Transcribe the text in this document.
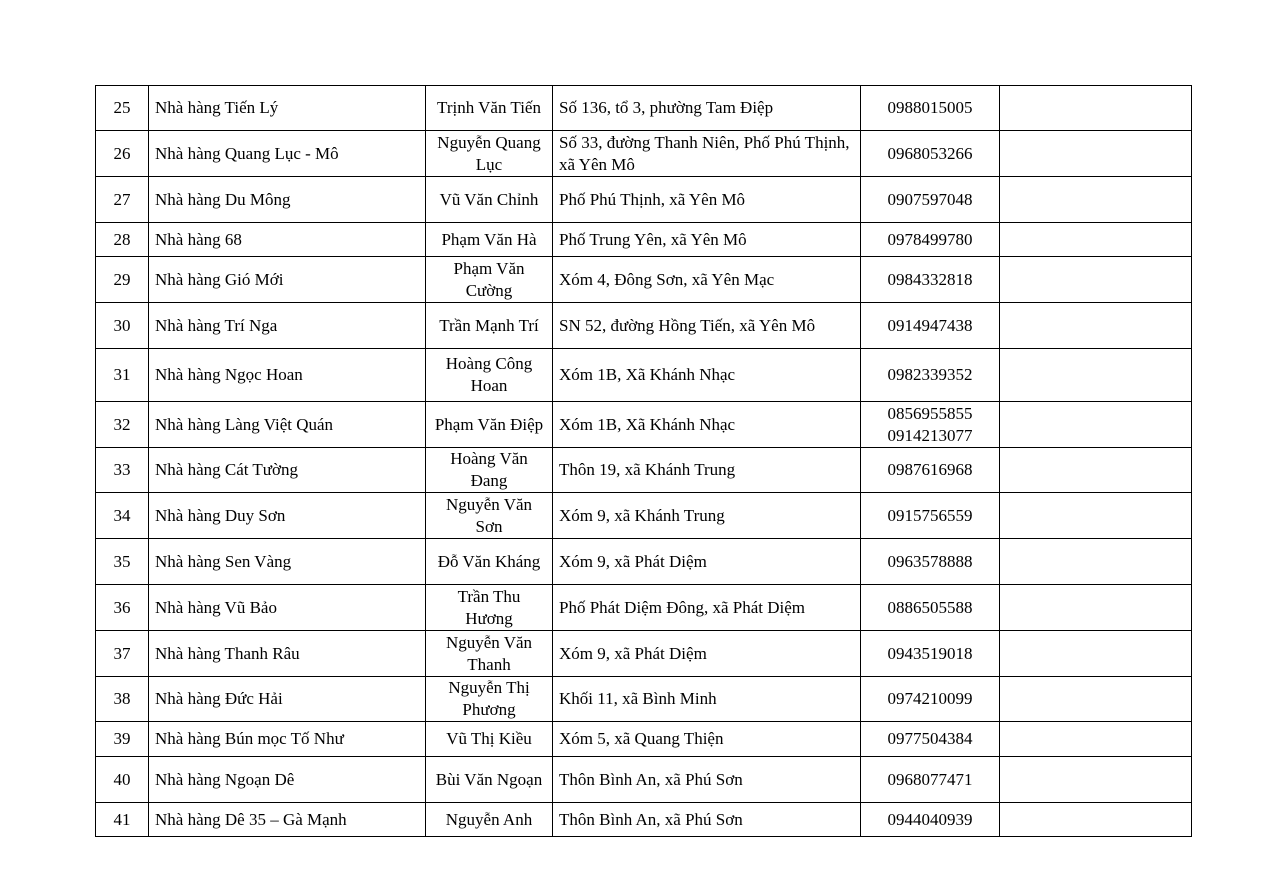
25	Nhà hàng Tiến Lý	Trịnh Văn Tiến	Số 136, tổ 3, phường Tam Điệp	0988015005	

26	Nhà hàng Quang Lục - Mô	Nguyễn Quang Lục	Số 33, đường Thanh Niên, Phố Phú Thịnh, xã Yên Mô	0968053266	

27	Nhà hàng Du Mông	Vũ Văn Chỉnh	Phố Phú Thịnh, xã Yên Mô	0907597048	

28	Nhà hàng 68	Phạm Văn Hà	Phố Trung Yên, xã Yên Mô	0978499780	

29	Nhà hàng Gió Mới	Phạm Văn Cường	Xóm 4, Đông Sơn, xã Yên Mạc	0984332818	

30	Nhà hàng Trí Nga	Trần Mạnh Trí	SN 52, đường Hồng Tiến, xã Yên Mô	0914947438	

31	Nhà hàng Ngọc Hoan	Hoàng Công Hoan	Xóm 1B, Xã Khánh Nhạc	0982339352	

32	Nhà hàng Làng Việt Quán	Phạm Văn Điệp	Xóm 1B, Xã Khánh Nhạc	0856955855
0914213077	

33	Nhà hàng Cát Tường	Hoàng Văn Đang	Thôn 19, xã Khánh Trung	0987616968	

34	Nhà hàng Duy Sơn	Nguyễn Văn Sơn	Xóm 9, xã Khánh Trung	0915756559	

35	Nhà hàng Sen Vàng	Đỗ Văn Kháng	Xóm 9, xã Phát Diệm	0963578888	

36	Nhà hàng Vũ Bảo	Trần Thu Hương	Phố Phát Diệm Đông, xã Phát Diệm	0886505588	

37	Nhà hàng Thanh Râu	Nguyễn Văn Thanh	Xóm 9, xã Phát Diệm	0943519018	

38	Nhà hàng Đức Hải	Nguyễn Thị Phương	Khối 11, xã Bình Minh	0974210099	

39	Nhà hàng Bún mọc Tố Như	Vũ Thị Kiều	Xóm 5, xã Quang Thiện	0977504384	

40	Nhà hàng Ngoạn Dê	Bùi Văn Ngoạn	Thôn Bình An, xã Phú Sơn	0968077471	

41	Nhà hàng Dê 35 – Gà Mạnh	Nguyễn Anh	Thôn Bình An, xã Phú Sơn	0944040939	
